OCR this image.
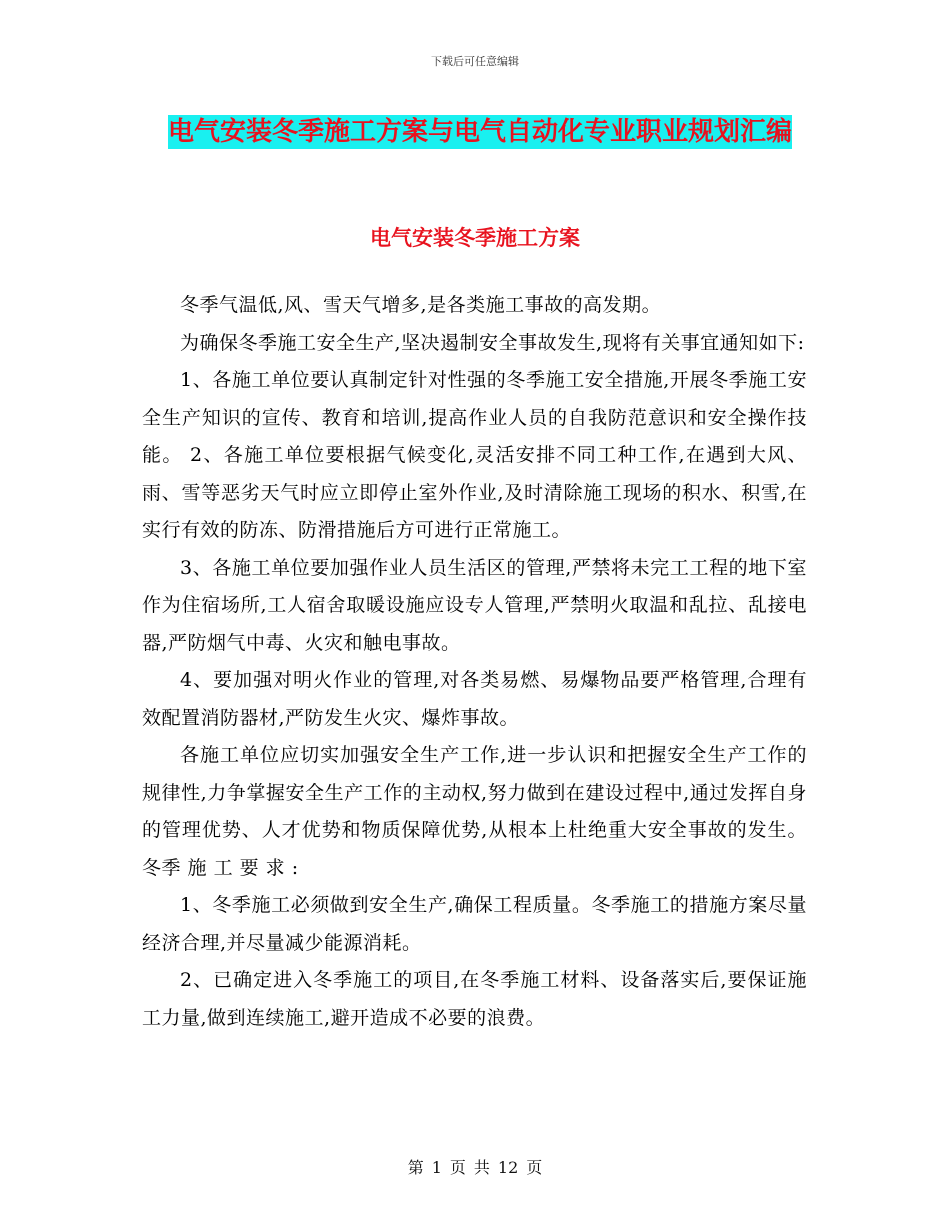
下载后可任意编辑
电气安装冬季施工方案与电气自动化专业职业规划汇编
电气安装冬季施工方案

冬季气温低,风、雪天气增多,是各类施工事故的高发期。

为确保冬季施工安全生产,坚决遏制安全事故发生,现将有关事宜通知如下:

1、各施工单位要认真制定针对性强的冬季施工安全措施,开展冬季施工安全生产知识的宣传、教育和培训,提高作业人员的自我防范意识和安全操作技能。 2、各施工单位要根据气候变化,灵活安排不同工种工作,在遇到大风、雨、雪等恶劣天气时应立即停止室外作业,及时清除施工现场的积水、积雪,在实行有效的防冻、防滑措施后方可进行正常施工。

3、各施工单位要加强作业人员生活区的管理,严禁将未完工工程的地下室作为住宿场所,工人宿舍取暖设施应设专人管理,严禁明火取温和乱拉、乱接电器,严防烟气中毒、火灾和触电事故。

4、要加强对明火作业的管理,对各类易燃、易爆物品要严格管理,合理有效配置消防器材,严防发生火灾、爆炸事故。

各施工单位应切实加强安全生产工作,进一步认识和把握安全生产工作的规律性,力争掌握安全生产工作的主动权,努力做到在建设过程中,通过发挥自身的管理优势、人才优势和物质保障优势,从根本上杜绝重大安全事故的发生。冬季 施 工 要 求 :

1、冬季施工必须做到安全生产,确保工程质量。冬季施工的措施方案尽量经济合理,并尽量减少能源消耗。

2、已确定进入冬季施工的项目,在冬季施工材料、设备落实后,要保证施工力量,做到连续施工,避开造成不必要的浪费。

第 1 页 共 12 页
